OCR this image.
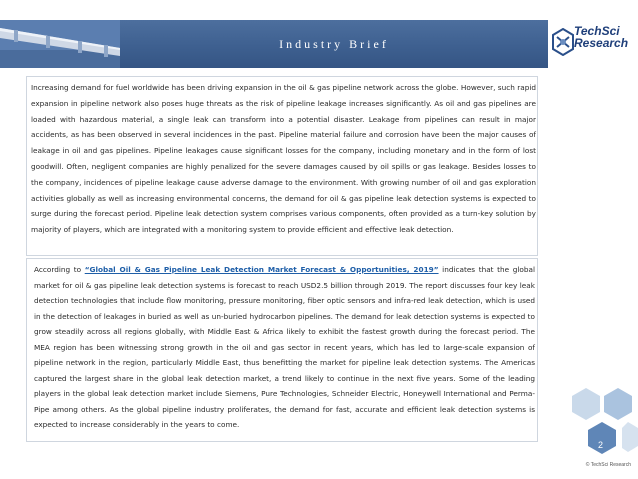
Industry Brief
TechSci
Research
Increasing demand for fuel worldwide has been driving expansion in the oil & gas pipeline network across the globe. However, such rapid expansion in pipeline network also poses huge threats as the risk of pipeline leakage increases significantly. As oil and gas pipelines are loaded with hazardous material, a single leak can transform into a potential disaster. Leakage from pipelines can result in major accidents, as has been observed in several incidences in the past. Pipeline material failure and corrosion have been the major causes of leakage in oil and gas pipelines. Pipeline leakages cause significant losses for the company, including monetary and in the form of lost goodwill. Often, negligent companies are highly penalized for the severe damages caused by oil spills or gas leakage. Besides losses to the company, incidences of pipeline leakage cause adverse damage to the environment. With growing number of oil and gas exploration activities globally as well as increasing environmental concerns, the demand for oil & gas pipeline leak detection systems is expected to surge during the forecast period. Pipeline leak detection system comprises various components, often provided as a turn-key solution by majority of players, which are integrated with a monitoring system to provide efficient and effective leak detection.
According to “Global Oil & Gas Pipeline Leak Detection Market Forecast & Opportunities, 2019” indicates that the global market for oil & gas pipeline leak detection systems is forecast to reach USD2.5 billion through 2019. The report discusses four key leak detection technologies that include flow monitoring, pressure monitoring, fiber optic sensors and infra-red leak detection, which is used in the detection of leakages in buried as well as un-buried hydrocarbon pipelines. The demand for leak detection systems is expected to grow steadily across all regions globally, with Middle East & Africa likely to exhibit the fastest growth during the forecast period. The MEA region has been witnessing strong growth in the oil and gas sector in recent years, which has led to large-scale expansion of pipeline network in the region, particularly Middle East, thus benefitting the market for pipeline leak detection systems. The Americas captured the largest share in the global leak detection market, a trend likely to continue in the next five years. Some of the leading players in the global leak detection market include Siemens, Pure Technologies, Schneider Electric, Honeywell International and Perma-Pipe among others. As the global pipeline industry proliferates, the demand for fast, accurate and efficient leak detection systems is expected to increase considerably in the years to come.
2
© TechSci Research
